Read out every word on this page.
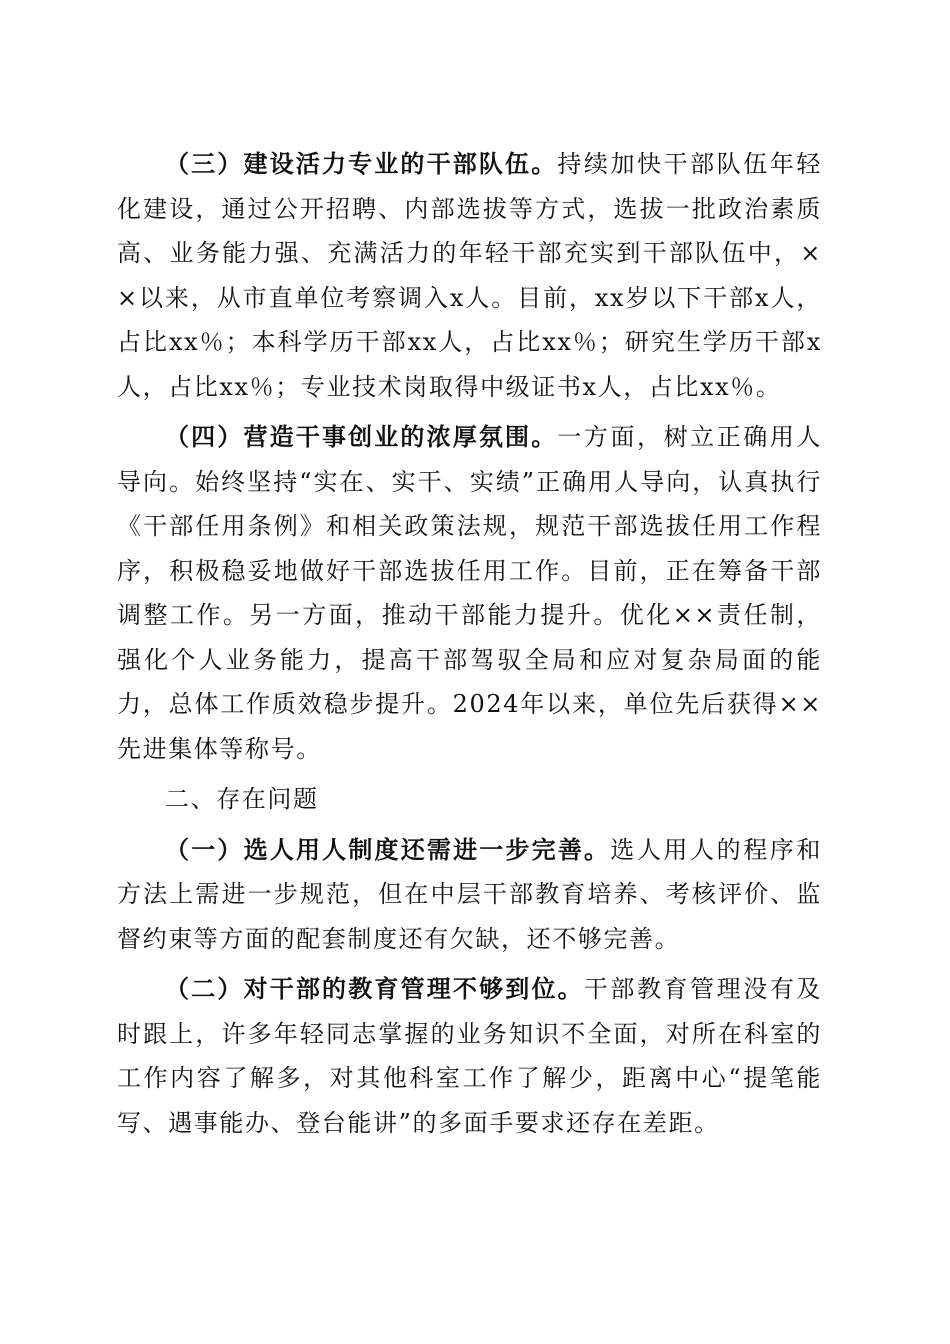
（三）建设活力专业的干部队伍。持续加快干部队伍年轻化建设，通过公开招聘、内部选拔等方式，选拔一批政治素质高、业务能力强、充满活力的年轻干部充实到干部队伍中，××以来，从市直单位考察调入x人。目前，xx岁以下干部x人，占比xx％；本科学历干部xx人，占比xx％；研究生学历干部x人，占比xx％；专业技术岗取得中级证书x人，占比xx％。

（四）营造干事创业的浓厚氛围。一方面，树立正确用人导向。始终坚持“实在、实干、实绩”正确用人导向，认真执行《干部任用条例》和相关政策法规，规范干部选拔任用工作程序，积极稳妥地做好干部选拔任用工作。目前，正在筹备干部调整工作。另一方面，推动干部能力提升。优化××责任制，强化个人业务能力，提高干部驾驭全局和应对复杂局面的能力，总体工作质效稳步提升。2024年以来，单位先后获得××先进集体等称号。

二、存在问题

（一）选人用人制度还需进一步完善。选人用人的程序和方法上需进一步规范，但在中层干部教育培养、考核评价、监督约束等方面的配套制度还有欠缺，还不够完善。

（二）对干部的教育管理不够到位。干部教育管理没有及时跟上，许多年轻同志掌握的业务知识不全面，对所在科室的工作内容了解多，对其他科室工作了解少，距离中心“提笔能写、遇事能办、登台能讲”的多面手要求还存在差距。
